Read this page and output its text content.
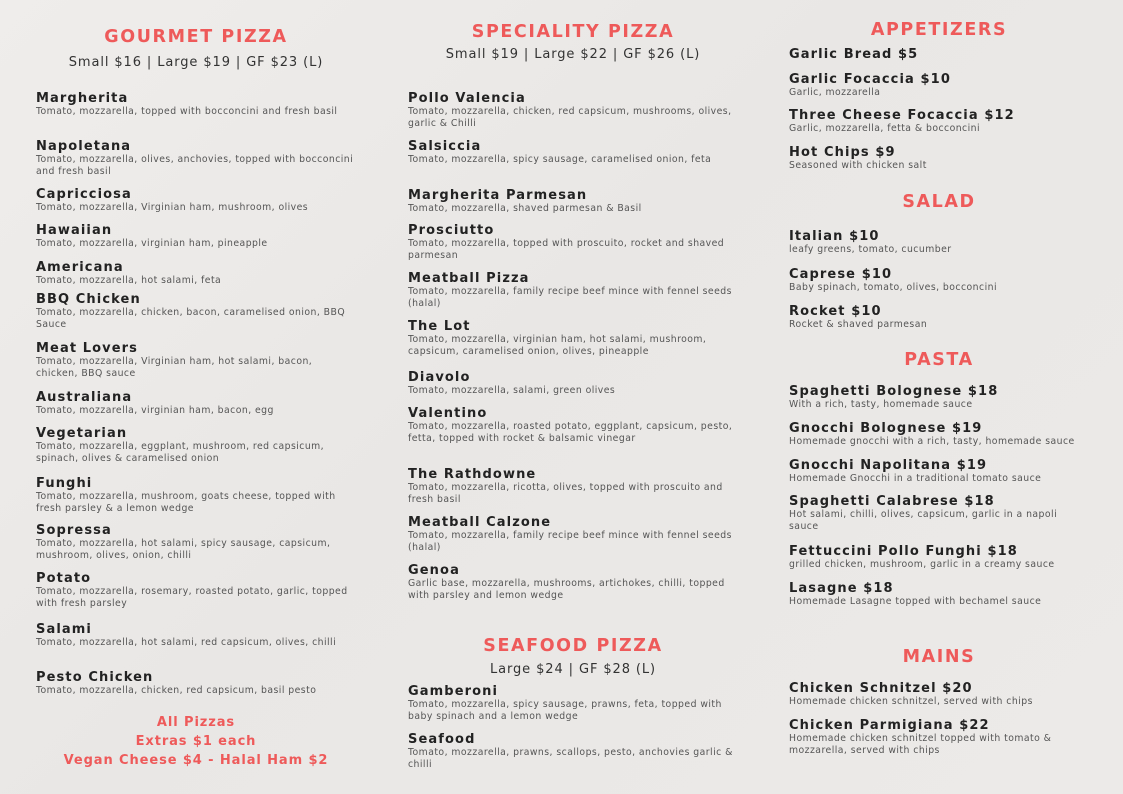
GOURMET PIZZA
Small $16 | Large $19 | GF $23 (L)
Margherita
Tomato, mozzarella, topped with bocconcini and fresh basil
Napoletana
Tomato, mozzarella, olives, anchovies, topped with bocconcini and fresh basil
Capricciosa
Tomato, mozzarella, Virginian ham, mushroom, olives
Hawaiian
Tomato, mozzarella, virginian ham, pineapple
Americana
Tomato, mozzarella, hot salami, feta
BBQ Chicken
Tomato, mozzarella, chicken, bacon, caramelised onion, BBQ Sauce
Meat Lovers
Tomato, mozzarella, Virginian ham, hot salami, bacon, chicken, BBQ sauce
Australiana
Tomato, mozzarella, virginian ham, bacon, egg
Vegetarian
Tomato, mozzarella, eggplant, mushroom, red capsicum, spinach, olives & caramelised onion
Funghi
Tomato, mozzarella, mushroom, goats cheese, topped with fresh parsley & a lemon wedge
Sopressa
Tomato, mozzarella, hot salami, spicy sausage, capsicum, mushroom, olives, onion, chilli
Potato
Tomato, mozzarella, rosemary, roasted potato, garlic, topped with fresh parsley
Salami
Tomato, mozzarella, hot salami, red capsicum, olives, chilli
Pesto Chicken
Tomato, mozzarella, chicken, red capsicum, basil pesto
All Pizzas
Extras $1 each
Vegan Cheese $4 - Halal Ham $2
SPECIALITY PIZZA
Small $19 | Large $22 | GF $26 (L)
Pollo Valencia
Tomato, mozzarella, chicken, red capsicum, mushrooms, olives, garlic & Chilli
Salsiccia
Tomato, mozzarella, spicy sausage, caramelised onion, feta
Margherita Parmesan
Tomato, mozzarella, shaved parmesan & Basil
Prosciutto
Tomato, mozzarella, topped with proscuito, rocket and shaved parmesan
Meatball Pizza
Tomato, mozzarella, family recipe beef mince with fennel seeds (halal)
The Lot
Tomato, mozzarella, virginian ham, hot salami, mushroom, capsicum, caramelised onion, olives, pineapple
Diavolo
Tomato, mozzarella, salami, green olives
Valentino
Tomato, mozzarella, roasted potato, eggplant, capsicum, pesto, fetta, topped with rocket & balsamic vinegar
The Rathdowne
Tomato, mozzarella, ricotta, olives, topped with proscuito and fresh basil
Meatball Calzone
Tomato, mozzarella, family recipe beef mince with fennel seeds (halal)
Genoa
Garlic base, mozzarella, mushrooms, artichokes, chilli, topped with parsley and lemon wedge
SEAFOOD PIZZA
Large $24 | GF $28 (L)
Gamberoni
Tomato, mozzarella, spicy sausage, prawns, feta, topped with baby spinach and a lemon wedge
Seafood
Tomato, mozzarella, prawns, scallops, pesto, anchovies garlic & chilli
APPETIZERS
Garlic Bread $5
Garlic Focaccia $10
Garlic, mozzarella
Three Cheese Focaccia $12
Garlic, mozzarella, fetta & bocconcini
Hot Chips $9
Seasoned with chicken salt
SALAD
Italian $10
leafy greens, tomato, cucumber
Caprese $10
Baby spinach, tomato, olives, bocconcini
Rocket $10
Rocket & shaved parmesan
PASTA
Spaghetti Bolognese $18
With a rich, tasty, homemade sauce
Gnocchi Bolognese $19
Homemade gnocchi with a rich, tasty, homemade sauce
Gnocchi Napolitana $19
Homemade Gnocchi in a traditional tomato sauce
Spaghetti Calabrese $18
Hot salami, chilli, olives, capsicum, garlic in a napoli sauce
Fettuccini Pollo Funghi $18
grilled chicken, mushroom, garlic in a creamy sauce
Lasagne $18
Homemade Lasagne topped with bechamel sauce
MAINS
Chicken Schnitzel $20
Homemade chicken schnitzel, served with chips
Chicken Parmigiana $22
Homemade chicken schnitzel topped with tomato & mozzarella, served with chips
